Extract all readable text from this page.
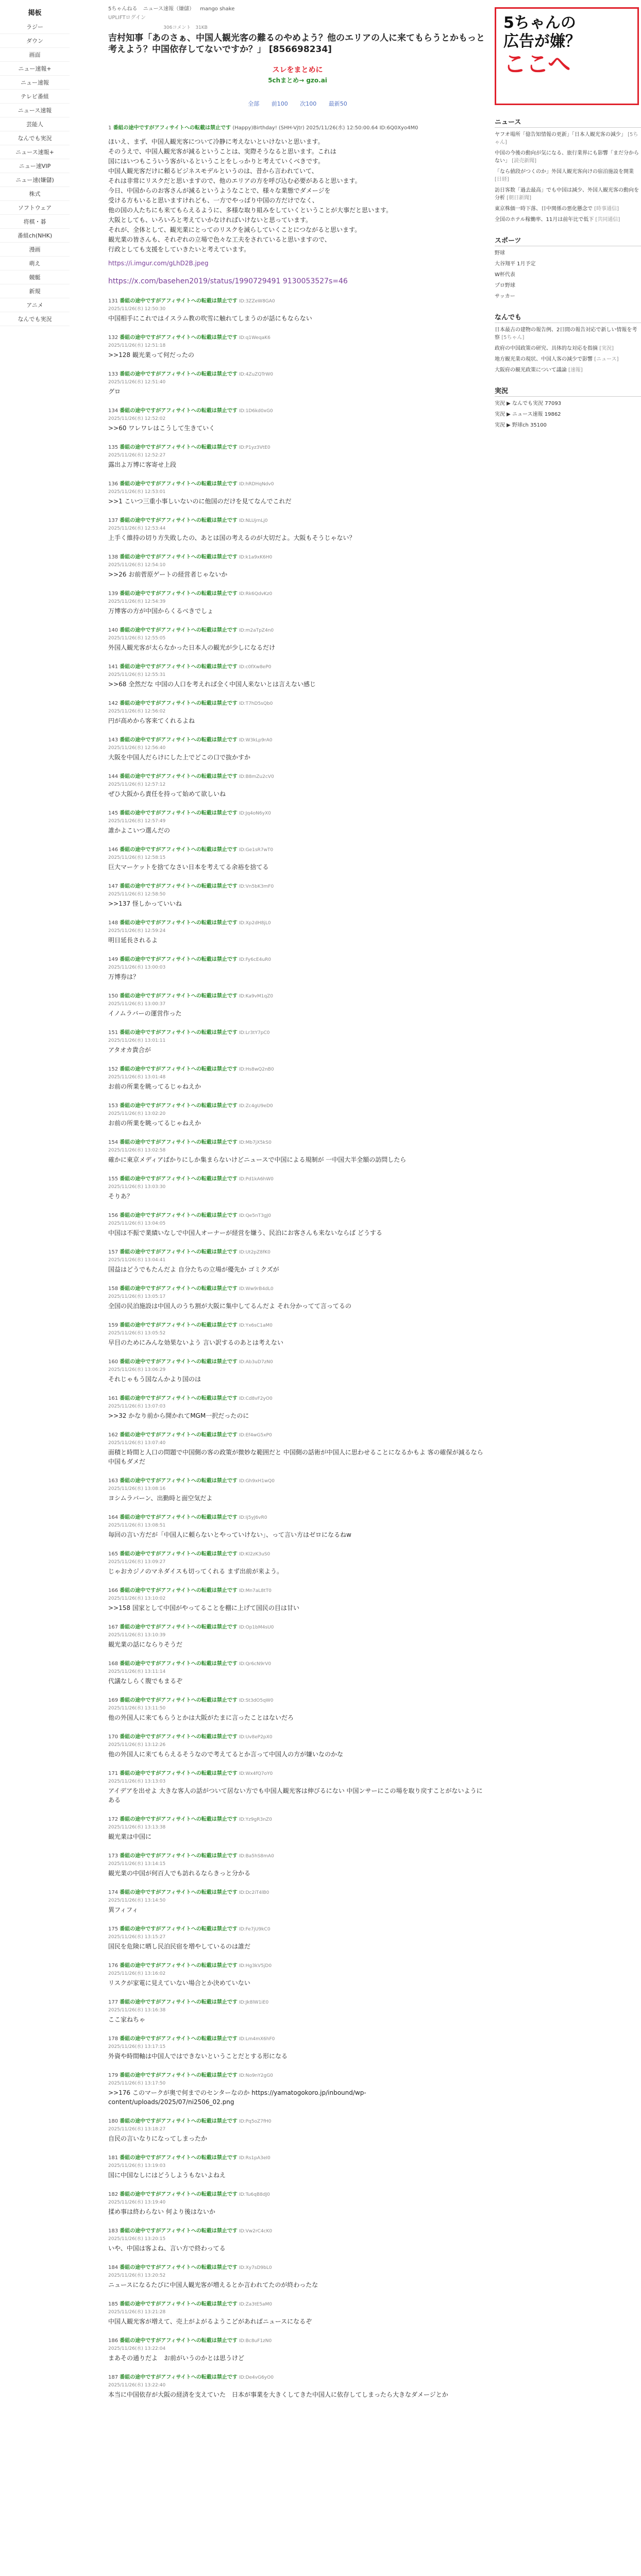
掲板
ラジー
ダウン
画面
ニュー速報+
ニュー速報
テレビ番組
ニュース速報
芸能人
なんでも実況
ニュース速報+
ニュー速VIP
ニュー速(嫌儲)
株式
ソフトウェア
将棋・碁
番組ch(NHK)
漫画
萌え
競艇
新規
アニメ
なんでも実況
5ちゃんねる ニュース速報（嫌儲） mango shake
UPLIFTログイン
306コメント　31KB
吉村知事「あのさぁ、中国人観光客の難るのやめよう？他のエリアの人に来てもらうとかもっと考えよう？中国依存してないですか？」 [856698234]
スレをまとめに
5chまとめ→ gzo.ai
全部 前100 次100 最新50
1 番組の途中ですがアフィサイトへの転載は禁止です (Happy)Birthday! (SHH-Vjtr) 2025/11/26(水) 12:50:00.64 ID:6Q0Xyo4M0

ほいえ、まず、中国人観光客について冷静に考えないといけないと思います。

そのうえで、中国人観光客が減るということは、実際そうなると思います。これは

国にはいつもこういう客がいるということをしっかりと考えていくべきです。

中国人観光客だけに頼るビジネスモデルというのは、昔から言われていて、

それは非常にリスクだと思いますので、他のエリアの方を呼び込む必要があると思います。

今日、中国からのお客さんが減るというようなことで、様々な業態でダメージを

受ける方もいると思いますけれども、一方でやっぱり中国の方だけでなく、

他の国の人たちにも来てもらえるように、多様な取り組みをしていくということが大事だと思います。

大阪としても、いろいろと考えていかなければいけないと思っています。

それが、全体として、観光業にとってのリスクを減らしていくことにつながると思います。

観光業の皆さんも、それぞれの立場で色々な工夫をされていると思いますので、

行政としても支援をしていきたいと考えています。

https://i.imgur.com/gLhD2B.jpeg
https://x.com/basehen2019/status/1990729491 9130053527s=46
131 番組の途中ですがアフィサイトへの転載は禁止です ID:3ZZeW8GA0
2025/11/26(水) 12:50:30
中国相手にこれではイスラム教の吹雪に触れてしまうのが話にもならない
132 番組の途中ですがアフィサイトへの転載は禁止です ID:q1WeqaK6
2025/11/26(水) 12:51:18
>>128 観光業って何だったの
133 番組の途中ですがアフィサイトへの転載は禁止です ID:4ZuZQTrW0
2025/11/26(水) 12:51:40
グロ
134 番組の途中ですがアフィサイトへの転載は禁止です ID:1D6kd0xG0
2025/11/26(水) 12:52:02
>>60 ワレワレはこうして生きていく
135 番組の途中ですがアフィサイトへの転載は禁止です ID:P1yz3VtE0
2025/11/26(水) 12:52:27
露出よ万博に客寄せ上段
136 番組の途中ですがアフィサイトへの転載は禁止です ID:hRDHqNdv0
2025/11/26(水) 12:53:01
>>1 こいつ三重小事しいないのに他国のだけを見てなんでこれだ
137 番組の途中ですがアフィサイトへの転載は禁止です ID:NLUjrnLj0
2025/11/26(水) 12:53:44
上手く維持の切り方失敗したの、あとは国の考えるのが大切だよ。大阪もそうじゃない？
138 番組の途中ですがアフィサイトへの転載は禁止です ID:k1a9xK6H0
2025/11/26(水) 12:54:10
>>26 お前菅原ゲートの経営者じゃないか
139 番組の途中ですがアフィサイトへの転載は禁止です ID:Rk6QdvKz0
2025/11/26(水) 12:54:39
万博客の方が中国からくるべきでしょ
140 番組の途中ですがアフィサイトへの転載は禁止です ID:m2aTpZ4n0
2025/11/26(水) 12:55:05
外国人観光客が太らなかった日本人の観光が少しになるだけ
141 番組の途中ですがアフィサイトへの転載は禁止です ID:c0fXw8eP0
2025/11/26(水) 12:55:31
>>68 全然だな 中国の人口を考えれば全く中国人来ないとは言えない感じ
142 番組の途中ですがアフィサイトへの転載は禁止です ID:T7hD5sQb0
2025/11/26(水) 12:56:02
円が高めから客来てくれるよね
143 番組の途中ですがアフィサイトへの転載は禁止です ID:W3kLp9rA0
2025/11/26(水) 12:56:40
大阪を中国人だらけにした上でどこの口で抜かすか
144 番組の途中ですがアフィサイトへの転載は禁止です ID:B8mZu2cV0
2025/11/26(水) 12:57:12
ぜひ大阪から責任を持って始めて欲しいね
145 番組の途中ですがアフィサイトへの転載は禁止です ID:Jq4oN6yX0
2025/11/26(水) 12:57:49
誰かよこいつ選んだの
146 番組の途中ですがアフィサイトへの転載は禁止です ID:Ge1sR7wT0
2025/11/26(水) 12:58:15
巨大マーケットを捨てなさい日本を考えてる余裕を捨てる
147 番組の途中ですがアフィサイトへの転載は禁止です ID:Vn5bK3mF0
2025/11/26(水) 12:58:50
>>137 怪しかっていいね
148 番組の途中ですがアフィサイトへの転載は禁止です ID:Xp2dH8jL0
2025/11/26(水) 12:59:24
明日延長されるよ
149 番組の途中ですがアフィサイトへの転載は禁止です ID:Fy6cE4uR0
2025/11/26(水) 13:00:03
万博券は？
150 番組の途中ですがアフィサイトへの転載は禁止です ID:Ka9vM1qZ0
2025/11/26(水) 13:00:37
イノムラバーの運営作った
151 番組の途中ですがアフィサイトへの転載は禁止です ID:Lr3tY7pC0
2025/11/26(水) 13:01:11
アタオカ貴合が
152 番組の途中ですがアフィサイトへの転載は禁止です ID:Hs8wQ2nB0
2025/11/26(水) 13:01:48
お前の所業を眺ってるじゃねえか
153 番組の途中ですがアフィサイトへの転載は禁止です ID:Zc4gU9eD0
2025/11/26(水) 13:02:20
お前の所業を眺ってるじゃねえか
154 番組の途中ですがアフィサイトへの転載は禁止です ID:Mb7jX5kS0
2025/11/26(水) 13:02:58
確かに東京メディアばかりにしか集まらないけどニュースで中国による規制が 一中国大半全額の訪問したら
155 番組の途中ですがアフィサイトへの転載は禁止です ID:Pd1kA6hW0
2025/11/26(水) 13:03:30
そりあ？
156 番組の途中ですがアフィサイトへの転載は禁止です ID:Qe5nT3gJ0
2025/11/26(水) 13:04:05
中国は不振で業績いなしで中国人オーナーが経営を嫌う、民泊にお客さんも来ないならば どうする
157 番組の途中ですがアフィサイトへの転載は禁止です ID:Ut2pZ8fK0
2025/11/26(水) 13:04:41
国益はどうでもたんだよ 自分たちの立場が優先か ゴミクズが
158 番組の途中ですがアフィサイトへの転載は禁止です ID:Ww9rB4dL0
2025/11/26(水) 13:05:17
全国の民泊施設は中国人のうち割が大阪に集中してるんだよ それ分かってて言ってるの
159 番組の途中ですがアフィサイトへの転載は禁止です ID:Yx6sC1aM0
2025/11/26(水) 13:05:52
早目のためにみんな効果ないよう 言い訳するのあとは考えない
160 番組の途中ですがアフィサイトへの転載は禁止です ID:Ab3uD7zN0
2025/11/26(水) 13:06:29
それじゃもう国なんかより国のは
161 番組の途中ですがアフィサイトへの転載は禁止です ID:Cd8vF2yO0
2025/11/26(水) 13:07:03
>>32 かなり前から開かれてMGM一択だったのに
162 番組の途中ですがアフィサイトへの転載は禁止です ID:Ef4wG5xP0
2025/11/26(水) 13:07:40
面積と時間と人口の問題で中国側の客の政策が微妙な範囲だと 中国側の話術が中国人に思わせることになるかもよ 客の確保が減るなら中国もダメだ
163 番組の途中ですがアフィサイトへの転載は禁止です ID:Gh9xH1wQ0
2025/11/26(水) 13:08:16
ヨシムラバーン、出勤時と面空気だよ
164 番組の途中ですがアフィサイトへの転載は禁止です ID:Ij5yJ6vR0
2025/11/26(水) 13:08:51
毎回の言い方だが「中国人に頼らないとやっていけない」、って言い方はゼロになるねw
165 番組の途中ですがアフィサイトへの転載は禁止です ID:Kl2zK3uS0
2025/11/26(水) 13:09:27
じゃおカジノのマネダイスも切ってくれる まず出前が来よう。
166 番組の途中ですがアフィサイトへの転載は禁止です ID:Mn7aL8tT0
2025/11/26(水) 13:10:02
>>158 国家として中国がやってることを棚に上げて国民の目は甘い
167 番組の途中ですがアフィサイトへの転載は禁止です ID:Op1bM4sU0
2025/11/26(水) 13:10:39
観光業の話にならりそうだ
168 番組の途中ですがアフィサイトへの転載は禁止です ID:Qr6cN9rV0
2025/11/26(水) 13:11:14
代議なしらく腹でもまるぞ
169 番組の途中ですがアフィサイトへの転載は禁止です ID:St3dO5qW0
2025/11/26(水) 13:11:50
他の外国人に来てもらうとかは大阪がたまに言ったことはないだろ
170 番組の途中ですがアフィサイトへの転載は禁止です ID:Uv8eP2pX0
2025/11/26(水) 13:12:26
他の外国人に来てもらえるそうなので考えてるとか言って中国人の方が嫌いなのかな
171 番組の途中ですがアフィサイトへの転載は禁止です ID:Wx4fQ7oY0
2025/11/26(水) 13:13:03
アイデアを出せよ 大きな客人の話がついて居ない方でも中国人観光客は伸びるにない 中国ンサーにこの場を取り戻すことがないようにある
172 番組の途中ですがアフィサイトへの転載は禁止です ID:Yz9gR3nZ0
2025/11/26(水) 13:13:38
観光業は中国に
173 番組の途中ですがアフィサイトへの転載は禁止です ID:Ba5hS8mA0
2025/11/26(水) 13:14:15
観光業の中国が何百人でも訪れるならきっと分かる
174 番組の途中ですがアフィサイトへの転載は禁止です ID:Dc2iT4lB0
2025/11/26(水) 13:14:50
異フィフィ
175 番組の途中ですがアフィサイトへの転載は禁止です ID:Fe7jU9kC0
2025/11/26(水) 13:15:27
国民を危険に晒し民泊民宿を増やしているのは誰だ
176 番組の途中ですがアフィサイトへの転載は禁止です ID:Hg3kV5jD0
2025/11/26(水) 13:16:02
リスクが家電に見えていない場合とか決めていない
177 番組の途中ですがアフィサイトへの転載は禁止です ID:Jk8lW1iE0
2025/11/26(水) 13:16:38
ここ家ねちゃ
178 番組の途中ですがアフィサイトへの転載は禁止です ID:Lm4mX6hF0
2025/11/26(水) 13:17:15
外資や時間軸は中国人ではできないということだとする形になる
179 番組の途中ですがアフィサイトへの転載は禁止です ID:No9nY2gG0
2025/11/26(水) 13:17:50
>>176 このマークが奥で何までのセンターなのか https://yamatogokoro.jp/inbound/wp-content/uploads/2025/07/ni2506_02.png
180 番組の途中ですがアフィサイトへの転載は禁止です ID:Pq5oZ7fH0
2025/11/26(水) 13:18:27
自民の言いなりになってしまったか
181 番組の途中ですがアフィサイトへの転載は禁止です ID:Rs1pA3eI0
2025/11/26(水) 13:19:03
国に中国なしにはどうしようもないよねえ
182 番組の途中ですがアフィサイトへの転載は禁止です ID:Tu6qB8dJ0
2025/11/26(水) 13:19:40
揉め事は終わらない 何より後はないか
183 番組の途中ですがアフィサイトへの転載は禁止です ID:Vw2rC4cK0
2025/11/26(水) 13:20:15
いや、中国は客よね、言い方で終わってる
184 番組の途中ですがアフィサイトへの転載は禁止です ID:Xy7sD9bL0
2025/11/26(水) 13:20:52
ニュースになるたびに中国人観光客が増えるとか言われてたのが終わったな
185 番組の途中ですがアフィサイトへの転載は禁止です ID:Za3tE5aM0
2025/11/26(水) 13:21:28
中国人観光客が増えて、売上がよがるようこどがあればニュースになるぞ
186 番組の途中ですがアフィサイトへの転載は禁止です ID:Bc8uF1zN0
2025/11/26(水) 13:22:04
まあその通りだよ　お前がいうのかとは思うけど
187 番組の途中ですがアフィサイトへの転載は禁止です ID:De4vG6yO0
2025/11/26(水) 13:22:40
本当に中国依存が大阪の経済を支えていた　日本が事業を大きくしてきた中国人に依存してしまったら大きなダメージとか
5ちゃんの
広告が嫌？
ここへ
ニュース
ヤフオ場所「億告知情報の更新」「日本人観光客の減少」 [5ちゃん]
中国の今後の動向が気になる、旅行業界にも影響「まだ分からない」 [読売新聞]
「なら値段がつくのか」外国人観光客向けの宿泊施設を開業 [日経]
訪日客数「過去最高」でも中国は減少、外国人観光客の動向を分析 [朝日新聞]
東京株価一時下落、日中関係の悪化懸念で [時事通信]
全国のホテル稼働率、11月は前年比で低下 [共同通信]
スポーツ
野球
大谷翔平 1月予定
W杯代表
プロ野球
サッカー
なんでも
日本最古の建物の報告例、2日間の報告対応で新しい情報を考察 [5ちゃん]
政府の中国政策の研究、具体的な対応を指摘 [実況]
地方観光業の現状、中国人客の減少で影響 [ニュース]
大阪府の観光政策について議論 [速報]
実況
実況 ▶ なんでも実況 77093
実況 ▶ ニュース速報 19862
実況 ▶ 野球ch 35100
